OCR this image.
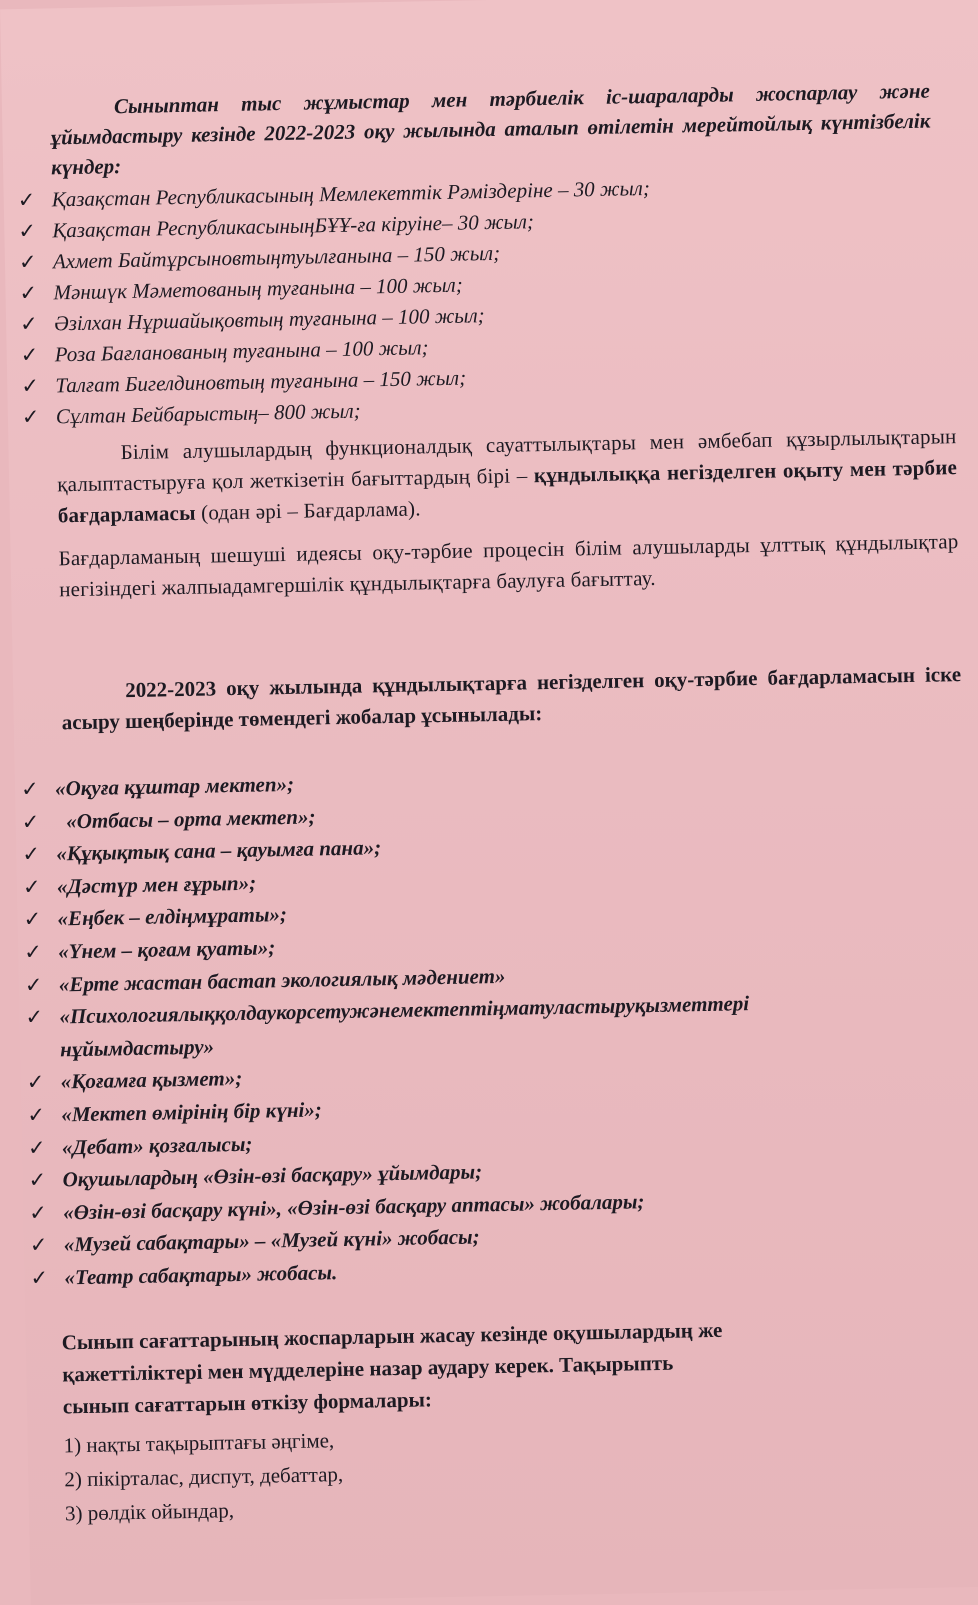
Сыныптан тыс жұмыстар мен тәрбиелік іс-шараларды жоспарлау және ұйымдастыру кезінде 2022-2023 оқу жылында аталып өтілетін мерейтойлық күнтізбелік күндер:
✓ Қазақстан Республикасының Мемлекеттік Рәміздеріне – 30 жыл;
✓ Қазақстан РеспубликасыныңБҰҰ-ға кіруіне– 30 жыл;
✓ Ахмет Байтұрсыновтыңтуылғанына – 150 жыл;
✓ Мәншүк Мәметованың туғанына – 100 жыл;
✓ Әзілхан Нұршайықовтың туғанына – 100 жыл;
✓ Роза Бағланованың туғанына – 100 жыл;
✓ Талғат Бигелдиновтың туғанына – 150 жыл;
✓ Сұлтан Бейбарыстың– 800 жыл;
Білім алушылардың функционалдық сауаттылықтары мен әмбебап құзырлылықтарын қалыптастыруға қол жеткізетін бағыттардың бірі – құндылыққа негізделген оқыту мен тәрбие бағдарламасы (одан әрі – Бағдарлама).
Бағдарламаның шешуші идеясы оқу-тәрбие процесін білім алушыларды ұлттық құндылықтар негізіндегі жалпыадамгершілік құндылықтарға баулуға бағыттау.
2022-2023 оқу жылында құндылықтарға негізделген оқу-тәрбие бағдарламасын іске асыру шеңберінде төмендегі жобалар ұсынылады:
✓ «Оқуға құштар мектеп»;
✓ «Отбасы – орта мектеп»;
✓ «Құқықтық сана – қауымға пана»;
✓ «Дәстүр мен ғұрып»;
✓ «Еңбек – елдіңмұраты»;
✓ «Үнем – қоғам қуаты»;
✓ «Ерте жастан бастап экологиялық мәдениет»
✓ «Психологиялыққолдаукорсетужәнемектептіңматуластыруқызметтері
нұйымдастыру»
✓ «Қоғамға қызмет»;
✓ «Мектеп өмірінің бір күні»;
✓ «Дебат» қозғалысы;
✓ Оқушылардың «Өзін-өзі басқару» ұйымдары;
✓ «Өзін-өзі басқару күні», «Өзін-өзі басқару аптасы» жобалары;
✓ «Музей сабақтары» – «Музей күні» жобасы;
✓ «Театр сабақтары» жобасы.
Сынып сағаттарының жоспарларын жасау кезінде оқушылардың же
қажеттіліктері мен мүдделеріне назар аудару керек. Тақырыпть
сынып сағаттарын өткізу формалары:
1) нақты тақырыптағы әңгіме,
2) пікірталас, диспут, дебаттар,
3) рөлдік ойындар,
